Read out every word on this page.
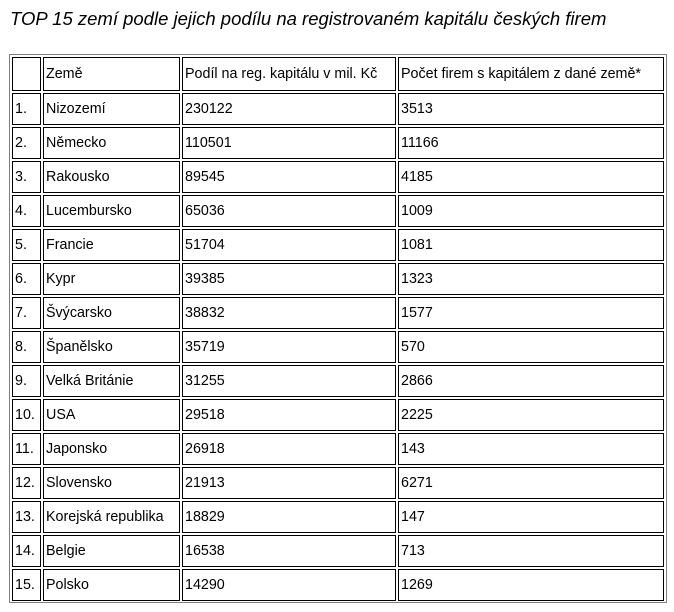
TOP 15 zemí podle jejich podílu na registrovaném kapitálu českých firem
	Země	Podíl na reg. kapitálu v mil. Kč	Počet firem s kapitálem z dané země*
1.	Nizozemí	230122	3513
2.	Německo	110501	11166
3.	Rakousko	89545	4185
4.	Lucembursko	65036	1009
5.	Francie	51704	1081
6.	Kypr	39385	1323
7.	Švýcarsko	38832	1577
8.	Španělsko	35719	570
9.	Velká Británie	31255	2866
10.	USA	29518	2225
11.	Japonsko	26918	143
12.	Slovensko	21913	6271
13.	Korejská republika	18829	147
14.	Belgie	16538	713
15.	Polsko	14290	1269
